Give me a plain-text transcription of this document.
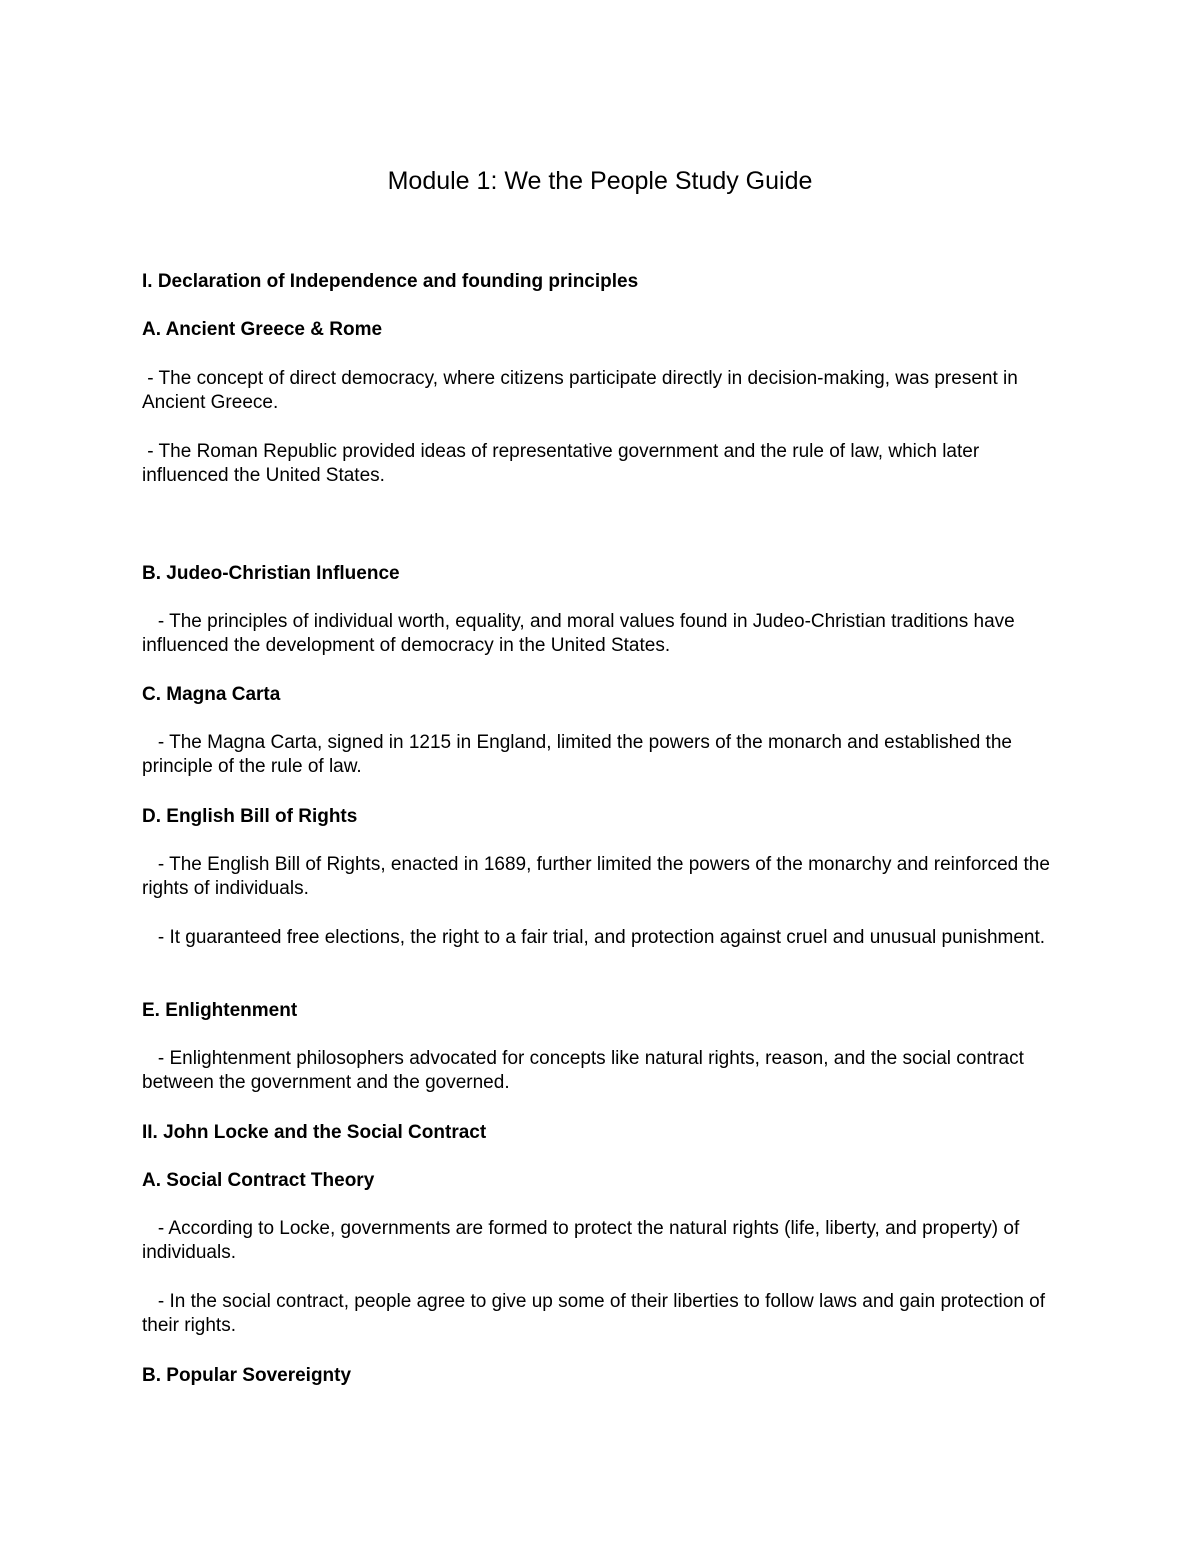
Module 1: We the People Study Guide
I. Declaration of Independence and founding principles
A. Ancient Greece & Rome

- The concept of direct democracy, where citizens participate directly in decision-making, was present in Ancient Greece.

- The Roman Republic provided ideas of representative government and the rule of law, which later influenced the United States.

B. Judeo-Christian Influence

- The principles of individual worth, equality, and moral values found in Judeo-Christian traditions have influenced the development of democracy in the United States.

C. Magna Carta

- The Magna Carta, signed in 1215 in England, limited the powers of the monarch and established the principle of the rule of law.

D. English Bill of Rights

- The English Bill of Rights, enacted in 1689, further limited the powers of the monarchy and reinforced the rights of individuals.

- It guaranteed free elections, the right to a fair trial, and protection against cruel and unusual punishment.

E. Enlightenment

- Enlightenment philosophers advocated for concepts like natural rights, reason, and the social contract between the government and the governed.

II. John Locke and the Social Contract
A. Social Contract Theory

- According to Locke, governments are formed to protect the natural rights (life, liberty, and property) of individuals.

- In the social contract, people agree to give up some of their liberties to follow laws and gain protection of their rights.

B. Popular Sovereignty
